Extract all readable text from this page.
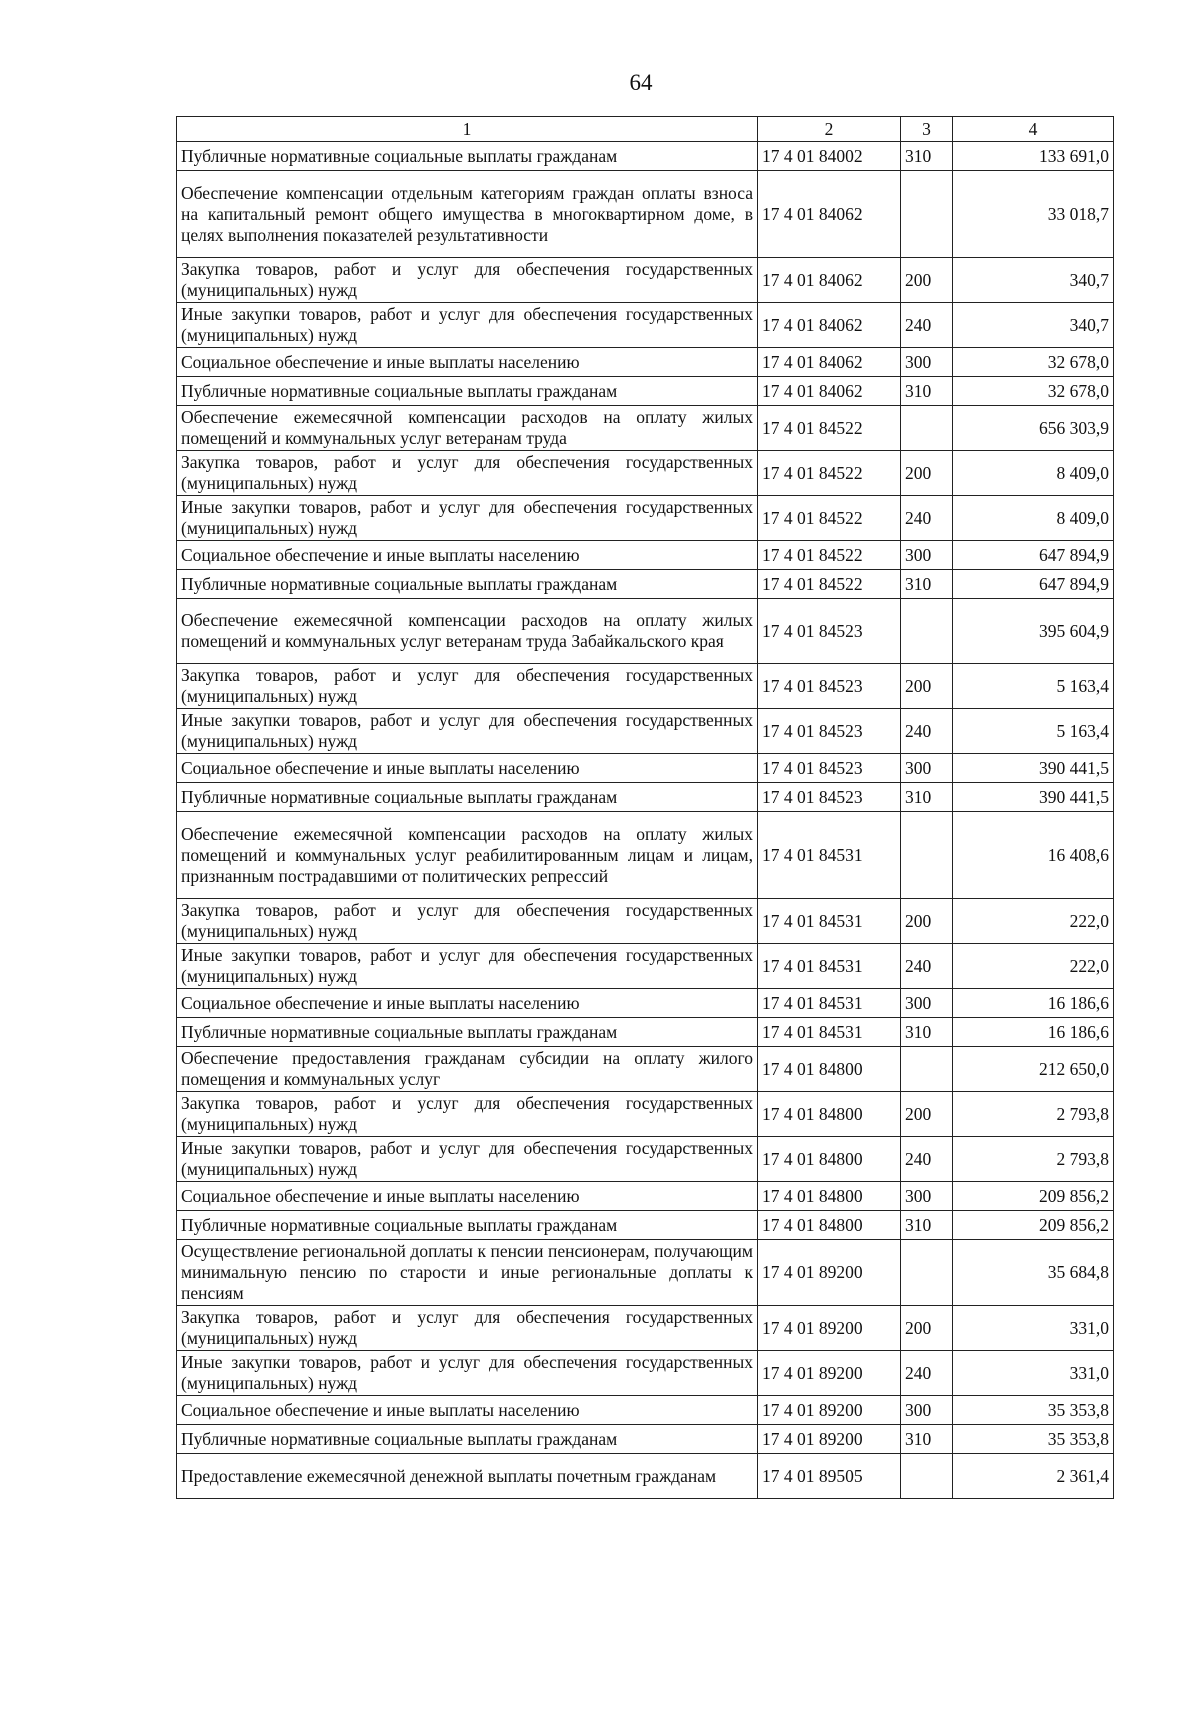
64
1	2	3	4
Публичные нормативные социальные выплаты гражданам	17 4 01 84002	310	133 691,0
Обеспечение компенсации отдельным категориям граждан оплаты взноса на капитальный ремонт общего имущества в многоквартирном доме, в целях выполнения показателей результативности	17 4 01 84062		33 018,7
Закупка товаров, работ и услуг для обеспечения государственных (муниципальных) нужд	17 4 01 84062	200	340,7
Иные закупки товаров, работ и услуг для обеспечения государственных (муниципальных) нужд	17 4 01 84062	240	340,7
Социальное обеспечение и иные выплаты населению	17 4 01 84062	300	32 678,0
Публичные нормативные социальные выплаты гражданам	17 4 01 84062	310	32 678,0
Обеспечение ежемесячной компенсации расходов на оплату жилых помещений и коммунальных услуг ветеранам труда	17 4 01 84522		656 303,9
Закупка товаров, работ и услуг для обеспечения государственных (муниципальных) нужд	17 4 01 84522	200	8 409,0
Иные закупки товаров, работ и услуг для обеспечения государственных (муниципальных) нужд	17 4 01 84522	240	8 409,0
Социальное обеспечение и иные выплаты населению	17 4 01 84522	300	647 894,9
Публичные нормативные социальные выплаты гражданам	17 4 01 84522	310	647 894,9
Обеспечение ежемесячной компенсации расходов на оплату жилых помещений и коммунальных услуг ветеранам труда Забайкальского края	17 4 01 84523		395 604,9
Закупка товаров, работ и услуг для обеспечения государственных (муниципальных) нужд	17 4 01 84523	200	5 163,4
Иные закупки товаров, работ и услуг для обеспечения государственных (муниципальных) нужд	17 4 01 84523	240	5 163,4
Социальное обеспечение и иные выплаты населению	17 4 01 84523	300	390 441,5
Публичные нормативные социальные выплаты гражданам	17 4 01 84523	310	390 441,5
Обеспечение ежемесячной компенсации расходов на оплату жилых помещений и коммунальных услуг реабилитированным лицам и лицам, признанным пострадавшими от политических репрессий	17 4 01 84531		16 408,6
Закупка товаров, работ и услуг для обеспечения государственных (муниципальных) нужд	17 4 01 84531	200	222,0
Иные закупки товаров, работ и услуг для обеспечения государственных (муниципальных) нужд	17 4 01 84531	240	222,0
Социальное обеспечение и иные выплаты населению	17 4 01 84531	300	16 186,6
Публичные нормативные социальные выплаты гражданам	17 4 01 84531	310	16 186,6
Обеспечение предоставления гражданам субсидии на оплату жилого помещения и коммунальных услуг	17 4 01 84800		212 650,0
Закупка товаров, работ и услуг для обеспечения государственных (муниципальных) нужд	17 4 01 84800	200	2 793,8
Иные закупки товаров, работ и услуг для обеспечения государственных (муниципальных) нужд	17 4 01 84800	240	2 793,8
Социальное обеспечение и иные выплаты населению	17 4 01 84800	300	209 856,2
Публичные нормативные социальные выплаты гражданам	17 4 01 84800	310	209 856,2
Осуществление региональной доплаты к пенсии пенсионерам, получающим минимальную пенсию по старости и иные региональные доплаты к пенсиям	17 4 01 89200		35 684,8
Закупка товаров, работ и услуг для обеспечения государственных (муниципальных) нужд	17 4 01 89200	200	331,0
Иные закупки товаров, работ и услуг для обеспечения государственных (муниципальных) нужд	17 4 01 89200	240	331,0
Социальное обеспечение и иные выплаты населению	17 4 01 89200	300	35 353,8
Публичные нормативные социальные выплаты гражданам	17 4 01 89200	310	35 353,8
Предоставление ежемесячной денежной выплаты почетным гражданам	17 4 01 89505		2 361,4
